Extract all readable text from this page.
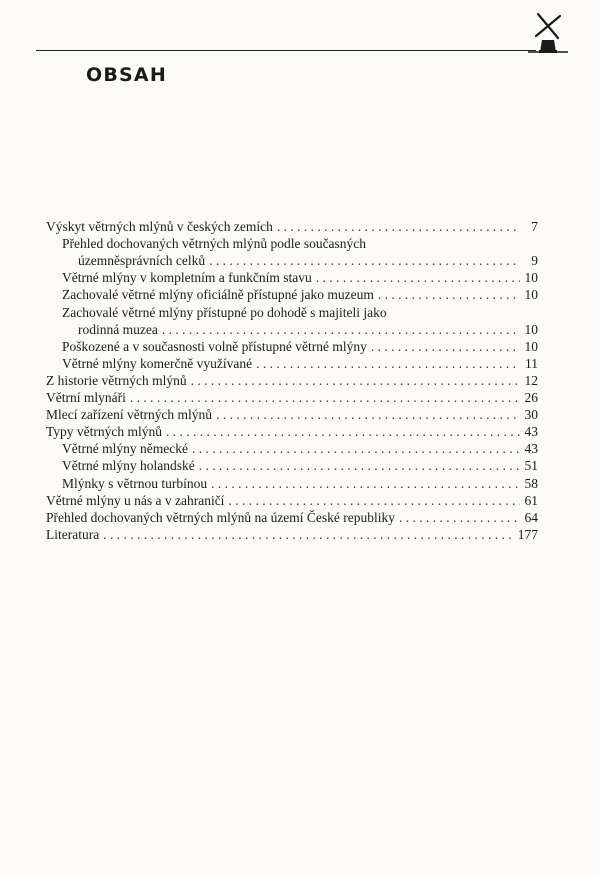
OBSAH
Výskyt větrných mlýnů v českých zemích . . .	7
Přehled dochovaných větrných mlýnů podle současných
územněsprávních celků . . .	9
Větrné mlýny v kompletním a funkčním stavu . . .	10
Zachovalé větrné mlýny oficiálně přístupné jako muzeum . . .	10
Zachovalé větrné mlýny přístupné po dohodě s majiteli jako
rodinná muzea . . .	10
Poškozené a v současnosti volně přístupné větrné mlýny . . .	10
Větrné mlýny komerčně využívané . . .	11
Z historie větrných mlýnů . . .	12
Větrní mlynáři . . .	26
Mlecí zařízení větrných mlýnů . . .	30
Typy větrných mlýnů . . .	43
Větrné mlýny německé . . .	43
Větrné mlýny holandské . . .	51
Mlýnky s větrnou turbínou . . .	58
Větrné mlýny u nás a v zahraničí . . .	61
Přehled dochovaných větrných mlýnů na území České republiky . . .	64
Literatura . . .	177
